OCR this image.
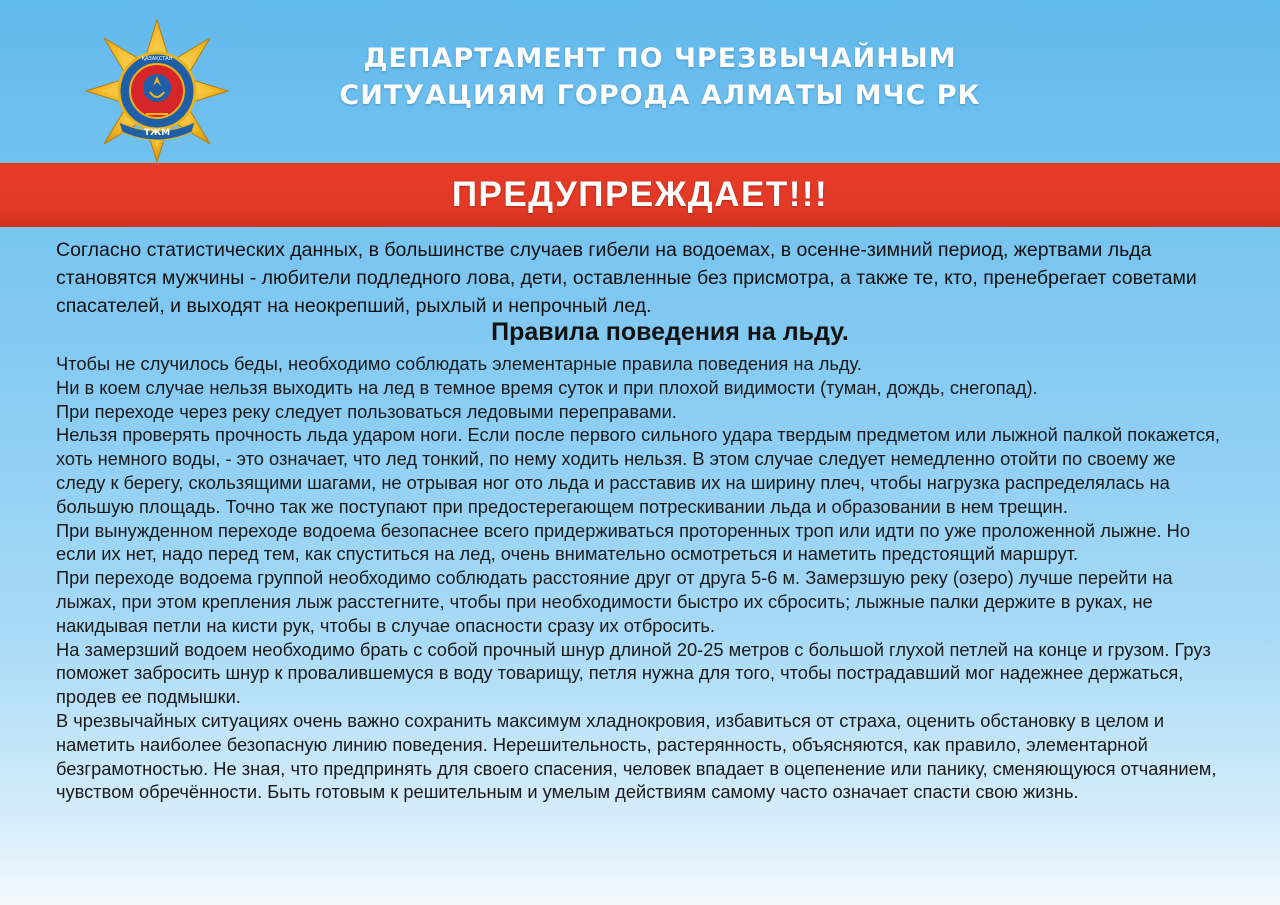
ТЖМ
ҚАЗАҚСТАН	ДЕПАРТАМЕНТ ПО ЧРЕЗВЫЧАЙНЫМ
СИТУАЦИЯМ ГОРОДА АЛМАТЫ МЧС РК
ПРЕДУПРЕЖДАЕТ!!!

Согласно статистических данных, в большинстве случаев гибели на водоемах, в осенне-зимний период, жертвами льда становятся мужчины - любители подледного лова, дети, оставленные без присмотра, а также те, кто, пренебрегает советами спасателей, и выходят на неокрепший, рыхлый и непрочный лед.

Правила поведения на льду.
Чтобы не случилось беды, необходимо соблюдать элементарные правила поведения на льду.
Ни в коем случае нельзя выходить на лед в темное время суток и при плохой видимости (туман, дождь, снегопад).
При переходе через реку следует пользоваться ледовыми переправами.
Нельзя проверять прочность льда ударом ноги. Если после первого сильного удара твердым предметом или лыжной палкой покажется, хоть немного воды, - это означает, что лед тонкий, по нему ходить нельзя. В этом случае следует немедленно отойти по своему же следу к берегу, скользящими шагами, не отрывая ног ото льда и расставив их на ширину плеч, чтобы нагрузка распределялась на большую площадь. Точно так же поступают при предостерегающем потрескивании льда и образовании в нем трещин.
При вынужденном переходе водоема безопаснее всего придерживаться проторенных троп или идти по уже проложенной лыжне. Но если их нет, надо перед тем, как спуститься на лед, очень внимательно осмотреться и наметить предстоящий маршрут.
При переходе водоема группой необходимо соблюдать расстояние друг от друга 5-6 м. Замерзшую реку (озеро) лучше перейти на лыжах, при этом крепления лыж расстегните, чтобы при необходимости быстро их сбросить; лыжные палки держите в руках, не накидывая петли на кисти рук, чтобы в случае опасности сразу их отбросить.
На замерзший водоем необходимо брать с собой прочный шнур длиной 20-25 метров с большой глухой петлей на конце и грузом. Груз поможет забросить шнур к провалившемуся в воду товарищу, петля нужна для того, чтобы пострадавший мог надежнее держаться, продев ее подмышки.
В чрезвычайных ситуациях очень важно сохранить максимум хладнокровия, избавиться от страха, оценить обстановку в целом и наметить наиболее безопасную линию поведения. Нерешительность, растерянность, объясняются, как правило, элементарной безграмотностью. Не зная, что предпринять для своего спасения, человек впадает в оцепенение или панику, сменяющуюся отчаянием, чувством обречённости. Быть готовым к решительным и умелым действиям самому часто означает спасти свою жизнь.
